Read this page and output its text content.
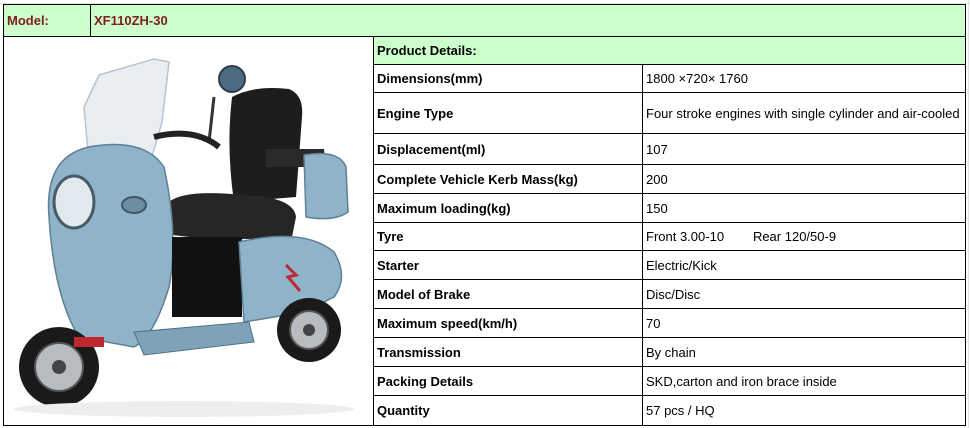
Model:	XF110ZH-30
Product Details:
Dimensions(mm)	1800 ×720× 1760
Engine Type	Four stroke engines with single cylinder and air-cooled
Displacement(ml)	107
Complete Vehicle Kerb Mass(kg)	200
Maximum loading(kg)	150
Tyre	Front 3.00-10        Rear 120/50-9
Starter	Electric/Kick
Model of Brake	Disc/Disc
Maximum speed(km/h)	70
Transmission	By chain
Packing Details	SKD,carton and iron brace inside
Quantity	57 pcs / HQ
